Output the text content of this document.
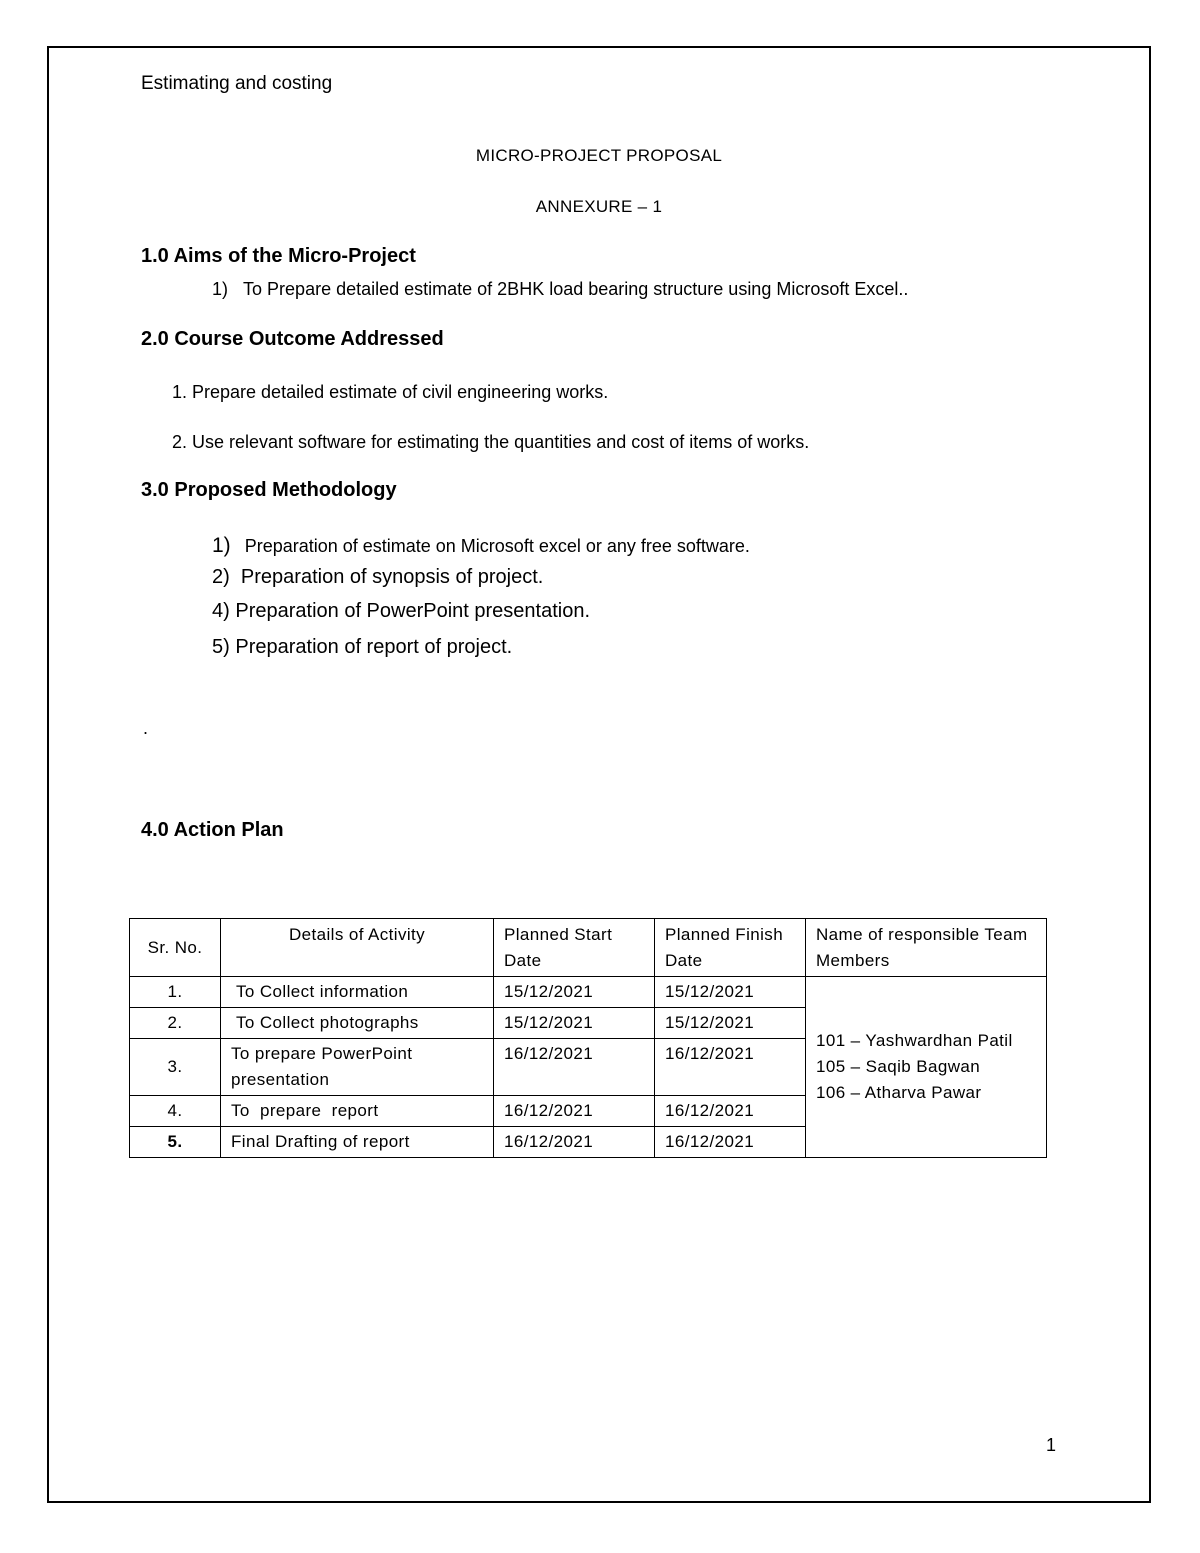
Estimating and costing
MICRO-PROJECT PROPOSAL
ANNEXURE – 1
1.0 Aims of the Micro-Project
1) To Prepare detailed estimate of 2BHK load bearing structure using Microsoft Excel..
2.0 Course Outcome Addressed
1. Prepare detailed estimate of civil engineering works.
2. Use relevant software for estimating the quantities and cost of items of works.
3.0 Proposed Methodology
1) Preparation of estimate on Microsoft excel or any free software.
2) Preparation of synopsis of project.
4) Preparation of PowerPoint presentation.
5) Preparation of report of project.
.
4.0 Action Plan
Sr. No.	Details of Activity	Planned Start Date	Planned Finish Date	Name of responsible Team Members
1.	To Collect information	15/12/2021	15/12/2021	101 – Yashwardhan Patil
105 – Saqib Bagwan
106 – Atharva Pawar

2.	To Collect photographs	15/12/2021	15/12/2021	
3.	To prepare PowerPoint presentation	16/12/2021	16/12/2021	
4.	To  prepare  report	16/12/2021	16/12/2021	
5.	Final Drafting of report	16/12/2021	16/12/2021	
1
